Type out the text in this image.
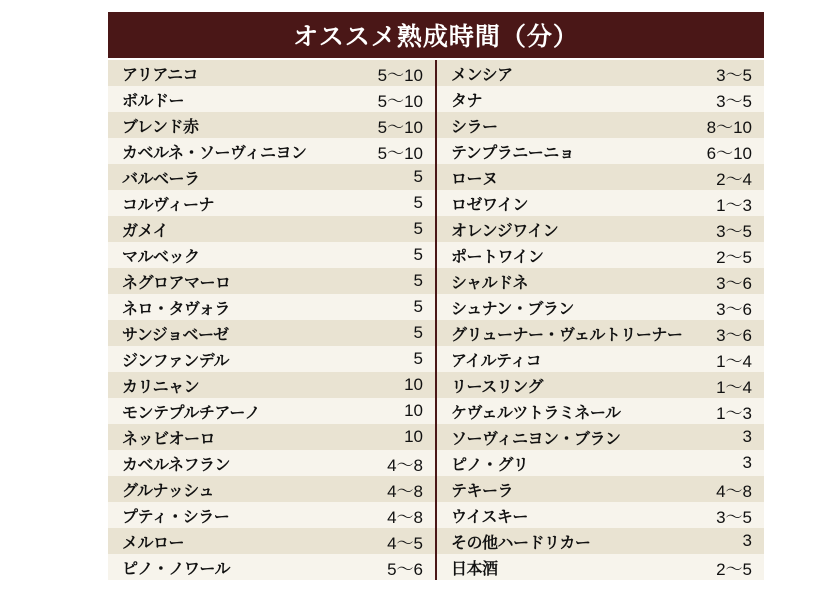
オススメ熟成時間（分）
アリアニコ	5〜10
ボルドー	5〜10
ブレンド赤	5〜10
カベルネ・ソーヴィニヨン	5〜10
バルベーラ	5
コルヴィーナ	5
ガメイ	5
マルベック	5
ネグロアマーロ	5
ネロ・タヴォラ	5
サンジョベーゼ	5
ジンファンデル	5
カリニャン	10
モンテプルチアーノ	10
ネッビオーロ	10
カベルネフラン	4〜8
グルナッシュ	4〜8
プティ・シラー	4〜8
メルロー	4〜5
ピノ・ノワール	5〜6
メンシア	3〜5
タナ	3〜5
シラー	8〜10
テンプラニーニョ	6〜10
ローヌ	2〜4
ロゼワイン	1〜3
オレンジワイン	3〜5
ポートワイン	2〜5
シャルドネ	3〜6
シュナン・ブラン	3〜6
グリューナー・ヴェルトリーナー 3〜6
アイルティコ	1〜4
リースリング	1〜4
ケヴェルツトラミネール	1〜3
ソーヴィニヨン・ブラン	3
ピノ・グリ	3
テキーラ	4〜8
ウイスキー	3〜5
その他ハードリカー	3
日本酒	2〜5
